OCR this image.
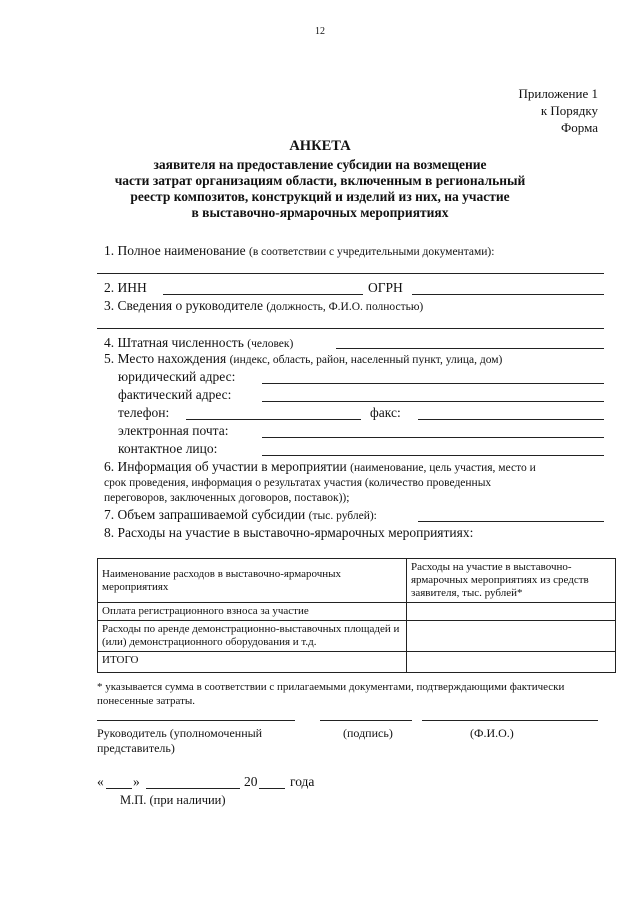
12
Приложение 1
к Порядку
Форма
АНКЕТА
заявителя на предоставление субсидии на возмещение
части затрат организациям области, включенным в региональный
реестр композитов, конструкций и изделий из них, на участие
в выставочно-ярмарочных мероприятиях
1. Полное наименование (в соответствии с учредительными документами):
2. ИНН	ОГРН
3. Сведения о руководителе (должность, Ф.И.О. полностью)
4. Штатная численность (человек)
5. Место нахождения (индекс, область, район, населенный пункт, улица, дом)
юридический адрес:
фактический адрес:
телефон:	факс:
электронная почта:
контактное лицо:
6. Информация об участии в мероприятии (наименование, цель участия, место и
срок проведения, информация о результатах участия (количество проведенных
переговоров, заключенных договоров, поставок));
7. Объем запрашиваемой субсидии (тыс. рублей):
8. Расходы на участие в выставочно-ярмарочных мероприятиях:
Наименование расходов в выставочно-ярмарочных мероприятиях	Расходы на участие в выставочно-ярмарочных мероприятиях из средств заявителя, тыс. рублей*
Оплата регистрационного взноса за участие	
Расходы по аренде демонстрационно-выставочных площадей и (или) демонстрационного оборудования и т.д.	
ИТОГО	
* указывается сумма в соответствии с прилагаемыми документами, подтверждающими фактически понесенные затраты.
Руководитель (уполномоченный
представитель)
(подпись)	(Ф.И.О.)
« »	20 года
М.П. (при наличии)
